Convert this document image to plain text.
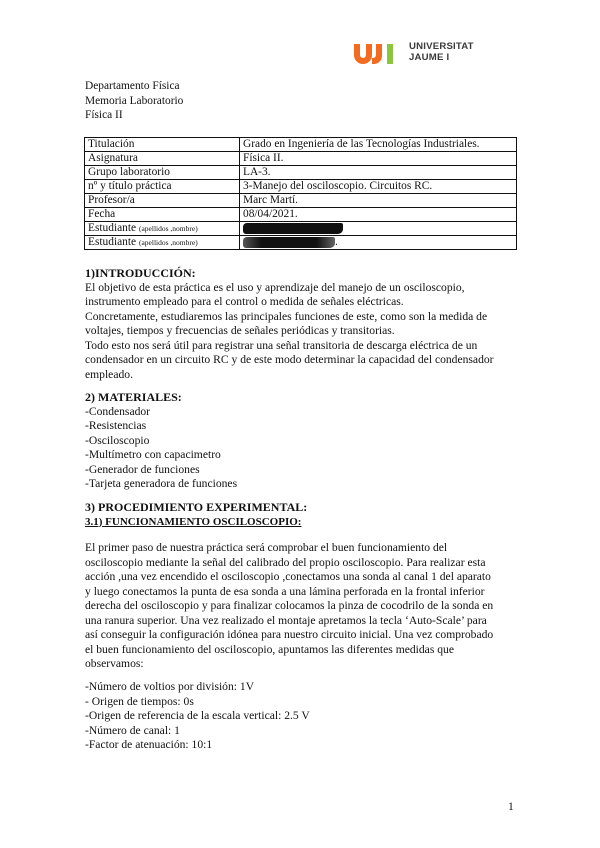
UNIVERSITAT
JAUME I
Departamento Física
Memoria Laboratorio
Física II
Titulación	Grado en Ingeniería de las Tecnologías Industriales.
Asignatura	Física II.
Grupo laboratorio	LA-3.
nº y título práctica	3-Manejo del osciloscopio. Circuitos RC.
Profesor/a	Marc Martí.
Fecha	08/04/2021.
Estudiante (apellidos ,nombre)	
Estudiante (apellidos ,nombre)	.
1)INTRODUCCIÓN:
El objetivo de esta práctica es el uso y aprendizaje del manejo de un osciloscopio,
instrumento empleado para el control o medida de señales eléctricas.
Concretamente, estudiaremos las principales funciones de este, como son la medida de
voltajes, tiempos y frecuencias de señales periódicas y transitorias.
Todo esto nos será útil para registrar una señal transitoria de descarga eléctrica de un
condensador en un circuito RC y de este modo determinar la capacidad del condensador
empleado.
2) MATERIALES:
-Condensador
-Resistencias
-Osciloscopio
-Multímetro con capacimetro
-Generador de funciones
-Tarjeta generadora de funciones
3) PROCEDIMIENTO EXPERIMENTAL:
3.1) FUNCIONAMIENTO OSCILOSCOPIO:
El primer paso de nuestra práctica será comprobar el buen funcionamiento del
osciloscopio mediante la señal del calibrado del propio osciloscopio. Para realizar esta
acción ,una vez encendido el osciloscopio ,conectamos una sonda al canal 1 del aparato
y luego conectamos la punta de esa sonda a una lámina perforada en la frontal inferior
derecha del osciloscopio y para finalizar colocamos la pinza de cocodrilo de la sonda en
una ranura superior. Una vez realizado el montaje apretamos la tecla ‘Auto-Scale’ para
así conseguir la configuración idónea para nuestro circuito inicial. Una vez comprobado
el buen funcionamiento del osciloscopio, apuntamos las diferentes medidas que
observamos:
-Número de voltios por división: 1V
- Origen de tiempos: 0s
-Origen de referencia de la escala vertical: 2.5 V
-Número de canal: 1
-Factor de atenuación: 10:1
1
